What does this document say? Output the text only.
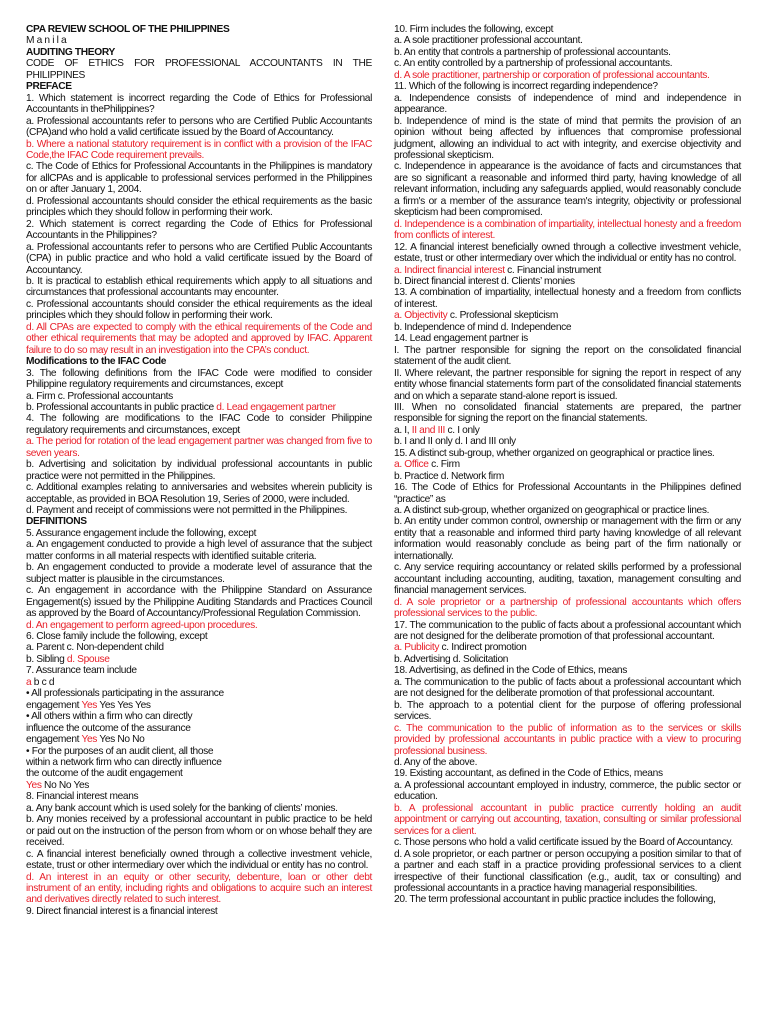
CPA REVIEW SCHOOL OF THE PHILIPPINES
M a n i l a
AUDITING THEORY
CODE OF ETHICS FOR PROFESSIONAL ACCOUNTANTS IN THE PHILIPPINES
PREFACE
1. Which statement is incorrect regarding the Code of Ethics for Professional Accountants in thePhilippines?
a. Professional accountants refer to persons who are Certified Public Accountants (CPA)and who hold a valid certificate issued by the Board of Accountancy.
b. Where a national statutory requirement is in conflict with a provision of the IFAC Code,the IFAC Code requirement prevails.
c. The Code of Ethics for Professional Accountants in the Philippines is mandatory for allCPAs and is applicable to professional services performed in the Philippines on or after January 1, 2004.
d. Professional accountants should consider the ethical requirements as the basic principles which they should follow in performing their work.
2. Which statement is correct regarding the Code of Ethics for Professional Accountants in the Philippines?
a. Professional accountants refer to persons who are Certified Public Accountants (CPA) in public practice and who hold a valid certificate issued by the Board of Accountancy.
b. It is practical to establish ethical requirements which apply to all situations and circumstances that professional accountants may encounter.
c. Professional accountants should consider the ethical requirements as the ideal principles which they should follow in performing their work.
d. All CPAs are expected to comply with the ethical requirements of the Code and other ethical requirements that may be adopted and approved by IFAC. Apparent failure to do so may result in an investigation into the CPA’s conduct.
Modifications to the IFAC Code
3. The following definitions from the IFAC Code were modified to consider Philippine regulatory requirements and circumstances, except
a. Firm c. Professional accountants
b. Professional accountants in public practice d. Lead engagement partner
4. The following are modifications to the IFAC Code to consider Philippine regulatory requirements and circumstances, except
a. The period for rotation of the lead engagement partner was changed from five to seven years.
b. Advertising and solicitation by individual professional accountants in public practice were not permitted in the Philippines.
c. Additional examples relating to anniversaries and websites wherein publicity is acceptable, as provided in BOA Resolution 19, Series of 2000, were included.
d. Payment and receipt of commissions were not permitted in the Philippines.
DEFINITIONS
5. Assurance engagement include the following, except
a. An engagement conducted to provide a high level of assurance that the subject matter conforms in all material respects with identified suitable criteria.
b. An engagement conducted to provide a moderate level of assurance that the subject matter is plausible in the circumstances.
c. An engagement in accordance with the Philippine Standard on Assurance Engagement(s) issued by the Philippine Auditing Standards and Practices Council as approved by the Board of Accountancy/Professional Regulation Commission.
d. An engagement to perform agreed-upon procedures.
6. Close family include the following, except
a. Parent c. Non-dependent child
b. Sibling d. Spouse
7. Assurance team include
a b c d
• All professionals participating in the assurance
engagement Yes Yes Yes Yes
• All others within a firm who can directly
influence the outcome of the assurance
engagement Yes Yes No No
• For the purposes of an audit client, all those
within a network firm who can directly influence
the outcome of the audit engagement
Yes No No Yes
8. Financial interest means
a. Any bank account which is used solely for the banking of clients’ monies.
b. Any monies received by a professional accountant in public practice to be held or paid out on the instruction of the person from whom or on whose behalf they are received.
c. A financial interest beneficially owned through a collective investment vehicle, estate, trust or other intermediary over which the individual or entity has no control.
d. An interest in an equity or other security, debenture, loan or other debt instrument of an entity, including rights and obligations to acquire such an interest and derivatives directly related to such interest.
9. Direct financial interest is a financial interest
10. Firm includes the following, except
a. A sole practitioner professional accountant.
b. An entity that controls a partnership of professional accountants.
c. An entity controlled by a partnership of professional accountants.
d. A sole practitioner, partnership or corporation of professional accountants.
11. Which of the following is incorrect regarding independence?
a. Independence consists of independence of mind and independence in appearance.
b. Independence of mind is the state of mind that permits the provision of an opinion without being affected by influences that compromise professional judgment, allowing an individual to act with integrity, and exercise objectivity and professional skepticism.
c. Independence in appearance is the avoidance of facts and circumstances that are so significant a reasonable and informed third party, having knowledge of all relevant information, including any safeguards applied, would reasonably conclude a firm's or a member of the assurance team's integrity, objectivity or professional skepticism had been compromised.
d. Independence is a combination of impartiality, intellectual honesty and a freedom from conflicts of interest.
12. A financial interest beneficially owned through a collective investment vehicle, estate, trust or other intermediary over which the individual or entity has no control.
a. Indirect financial interest c. Financial instrument
b. Direct financial interest d. Clients’ monies
13. A combination of impartiality, intellectual honesty and a freedom from conflicts of interest.
a. Objectivity c. Professional skepticism
b. Independence of mind d. Independence
14. Lead engagement partner is
I. The partner responsible for signing the report on the consolidated financial statement of the audit client.
II. Where relevant, the partner responsible for signing the report in respect of any entity whose financial statements form part of the consolidated financial statements and on which a separate stand-alone report is issued.
III. When no consolidated financial statements are prepared, the partner responsible for signing the report on the financial statements.
a. I, II and III c. I only
b. I and II only d. I and III only
15. A distinct sub-group, whether organized on geographical or practice lines.
a. Office c. Firm
b. Practice d. Network firm
16. The Code of Ethics for Professional Accountants in the Philippines defined “practice” as
a. A distinct sub-group, whether organized on geographical or practice lines.
b. An entity under common control, ownership or management with the firm or any entity that a reasonable and informed third party having knowledge of all relevant information would reasonably conclude as being part of the firm nationally or internationally.
c. Any service requiring accountancy or related skills performed by a professional accountant including accounting, auditing, taxation, management consulting and financial management services.
d. A sole proprietor or a partnership of professional accountants which offers professional services to the public.
17. The communication to the public of facts about a professional accountant which are not designed for the deliberate promotion of that professional accountant.
a. Publicity c. Indirect promotion
b. Advertising d. Solicitation
18. Advertising, as defined in the Code of Ethics, means
a. The communication to the public of facts about a professional accountant which are not designed for the deliberate promotion of that professional accountant.
b. The approach to a potential client for the purpose of offering professional services.
c. The communication to the public of information as to the services or skills provided by professional accountants in public practice with a view to procuring professional business.
d. Any of the above.
19. Existing accountant, as defined in the Code of Ethics, means
a. A professional accountant employed in industry, commerce, the public sector or education.
b. A professional accountant in public practice currently holding an audit appointment or carrying out accounting, taxation, consulting or similar professional services for a client.
c. Those persons who hold a valid certificate issued by the Board of Accountancy.
d. A sole proprietor, or each partner or person occupying a position similar to that of a partner and each staff in a practice providing professional services to a client irrespective of their functional classification (e.g., audit, tax or consulting) and professional accountants in a practice having managerial responsibilities.
20. The term professional accountant in public practice includes the following,
